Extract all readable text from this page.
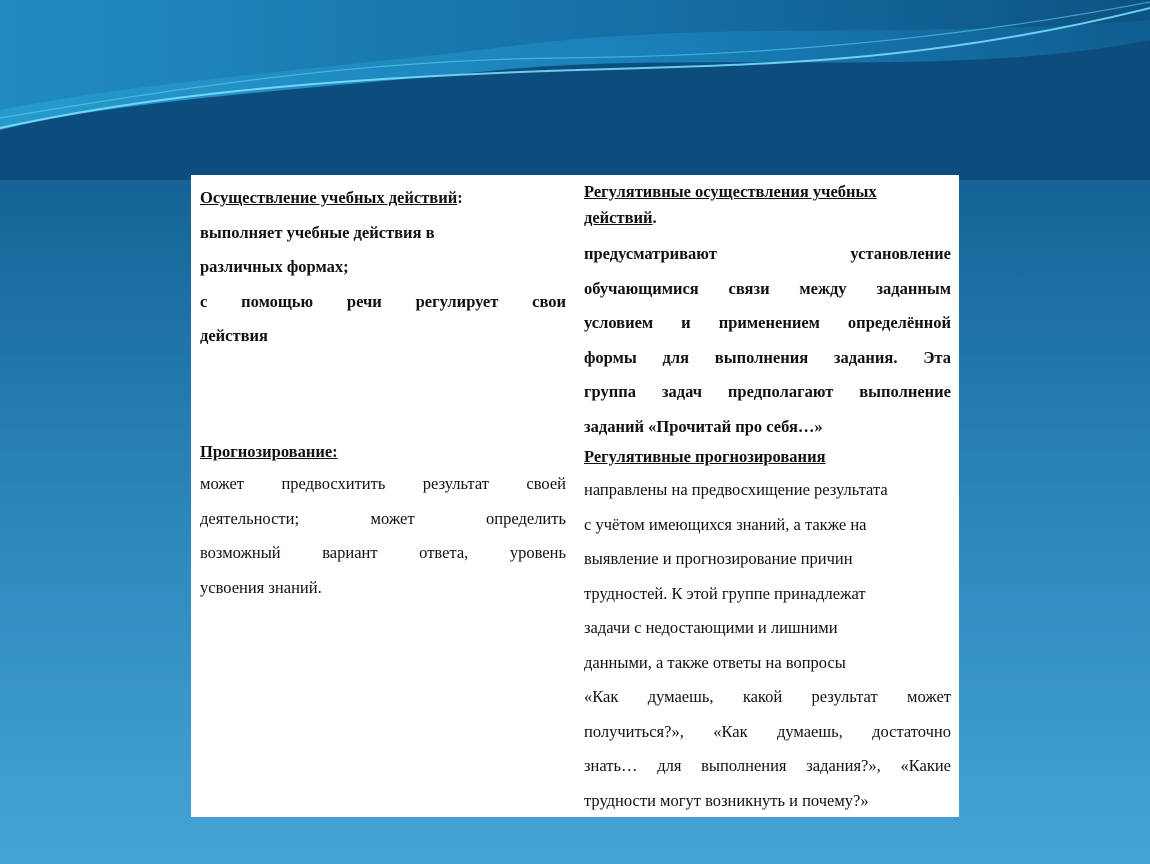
Осуществление учебных действий:

выполняет учебные действия в

различных формах;

с помощью речи регулирует свои

действия

Регулятивные осуществления учебных
действий.

предусматривают установление

обучающимися связи между заданным

условием и применением определённой

формы для выполнения задания. Эта

группа задач предполагают выполнение

заданий «Прочитай про себя…»

Прогнозирование:

может предвосхитить результат своей

деятельности; может определить

возможный вариант ответа, уровень

усвоения знаний.

Регулятивные прогнозирования

направлены на предвосхищение результата

с учётом имеющихся знаний, а также на

выявление и прогнозирование причин

трудностей. К этой группе принадлежат

задачи с недостающими и лишними

данными, а также ответы на вопросы

«Как думаешь, какой результат может

получиться?», «Как думаешь, достаточно

знать… для выполнения задания?», «Какие

трудности могут возникнуть и почему?»
